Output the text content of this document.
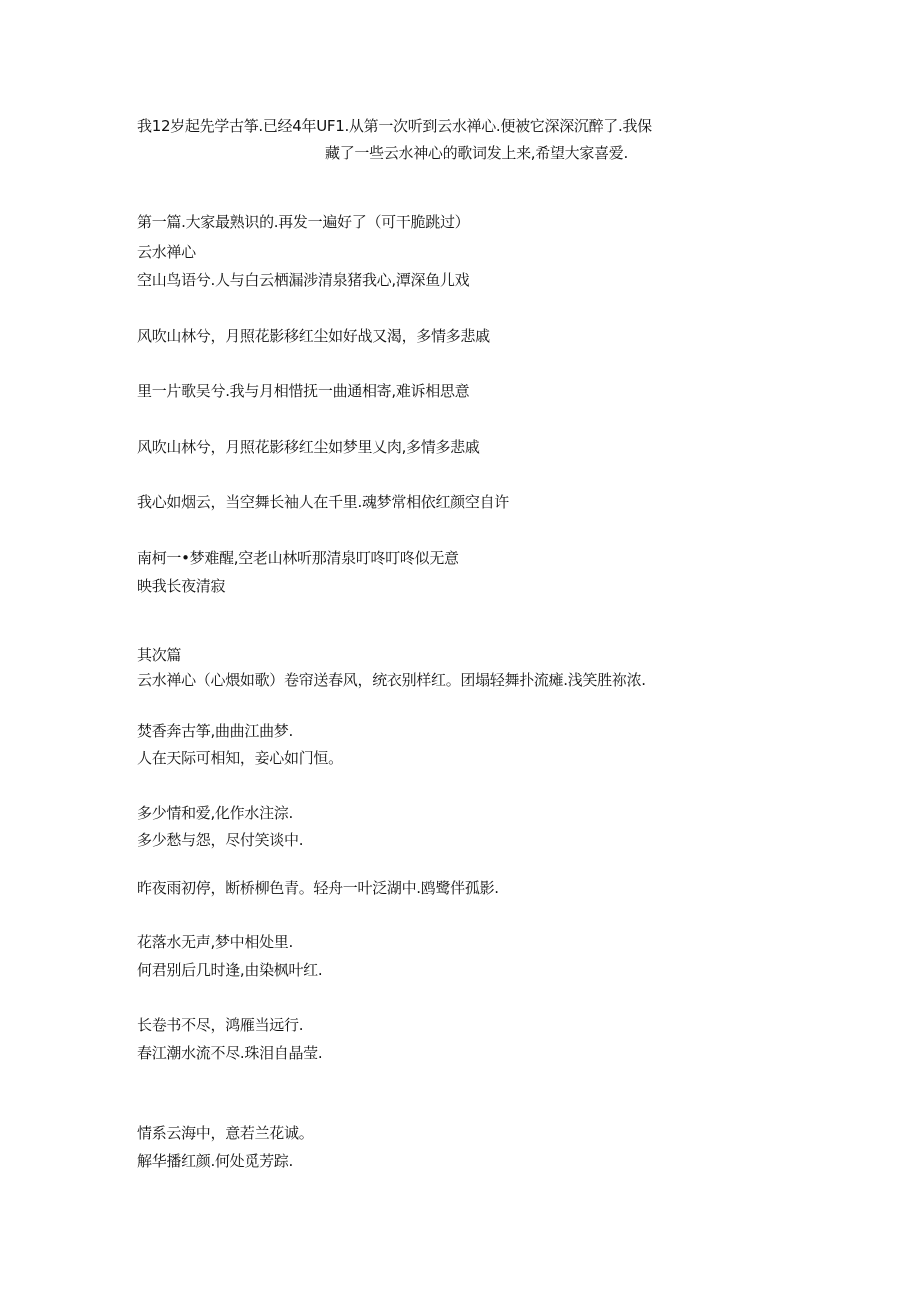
我12岁起先学古筝.已经4年UF1.从第一次听到云水禅心.便被它深深沉醉了.我保
藏了一些云水神心的歌词发上来,希望大家喜爱.
第一篇.大家最熟识的.再发一遍好了（可干脆跳过）
云水禅心
空山鸟语兮.人与白云栖漏涉清泉猪我心,潭深鱼儿戏
风吹山林兮，月照花影移红尘如好战又渴，多情多悲戚
里一片歌吴兮.我与月相惜抚一曲通相寄,难诉相思意
风吹山林兮，月照花影移红尘如梦里乂肉,多情多悲戚
我心如烟云，当空舞长袖人在千里.魂梦常相依红颜空自许
南柯一•梦难醒,空老山林听那清泉叮咚叮咚似无意
映我长夜清寂
其次篇
云水禅心（心煨如歌）卷帘送春风，统衣别样红。团塌轻舞扑流瘫.浅笑胜祢浓.
焚香奔古筝,曲曲江曲梦.
人在天际可相知，妾心如门恒。
多少情和爱,化作水注淙.
多少愁与怨，尽付笑谈中.
昨夜雨初停，断桥柳色青。轻舟一叶泛湖中.鸥鹭伴孤影.
花落水无声,梦中相处里.
何君别后几时逢,由染枫叶红.
长卷书不尽，鸿雁当远行.
春江潮水流不尽.珠泪自晶莹.
情系云海中，意若兰花诚。
解华播红颜.何处觅芳踪.
